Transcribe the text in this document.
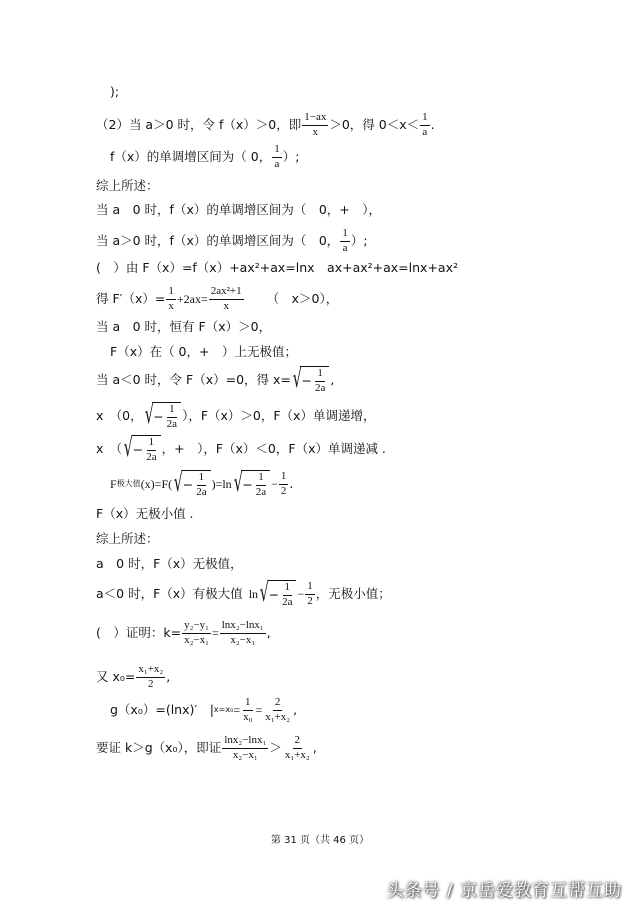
);
（2）当 a＞0 时，令 f（x）＞0，即 $\frac{1-ax}{x} >0$，得 $0<x< \frac{1}{a}$ .
f（x）的单调增区间为（ 0， $\frac{1}{a}$ ）;
综上所述：
当 a　0 时，f（x）的单调增区间为（　0，+　），
当 a＞0 时，f（x）的单调增区间为（　0， $\frac{1}{a}$ ）;
(　）由 F（x）=f（x）+ax²+ax=lnx　ax+ax²+ax=lnx+ax²
得 $F'(x)= \frac{1}{x} +2ax= \frac{\text{2ax²+1}}{x}$ （　x＞0），
当 a　0 时，恒有 F（x）＞0，
F（x）在（ 0，+　）上无极值；
当 a＜0 时，令 F（x）=0，得 x= √ − $\frac{1}{2a}$ ,
x　（0， √ − $\frac{1}{2a}$ ），F（x）＞0，F（x）单调递增，
x　（ √ − $\frac{1}{2a}$ ，+　），F（x）＜0，F（x）单调递减 .
F 极大值 (x)=F( √ − $\frac{1}{2a} )=\ln$ √ − $\frac{1}{2a} - \frac{1}{2}$ .
F（x）无极小值 .
综上所述：
a　0 时，F（x）无极值，
a＜0 时，F（x）有极大值 ln √ − $\frac{1}{2a} - \frac{1}{2}$ ，无极小值；
(　）证明：$k= \frac{\text{y₂−y₁}}{\text{x₂−x₁}} = \frac{\text{lnx₂−lnx₁}}{\text{x₂−x₁}}$ ,
又 $x_0= \frac{\text{x₁+x₂}}{2}$ ,
g（x₀）=(lnx)′　| $x=x_0 = \frac{1}{\text{x₀}} = \frac{2}{\text{x₁+x₂}}$ ,
要证 k＞g（x₀），即证 $\frac{\text{lnx₂−lnx₁}}{\text{x₂−x₁}} > \frac{2}{\text{x₁+x₂}}$ ,
第 31 页（共 46 页）
头条号 / 京岳爱教育互帮互助
